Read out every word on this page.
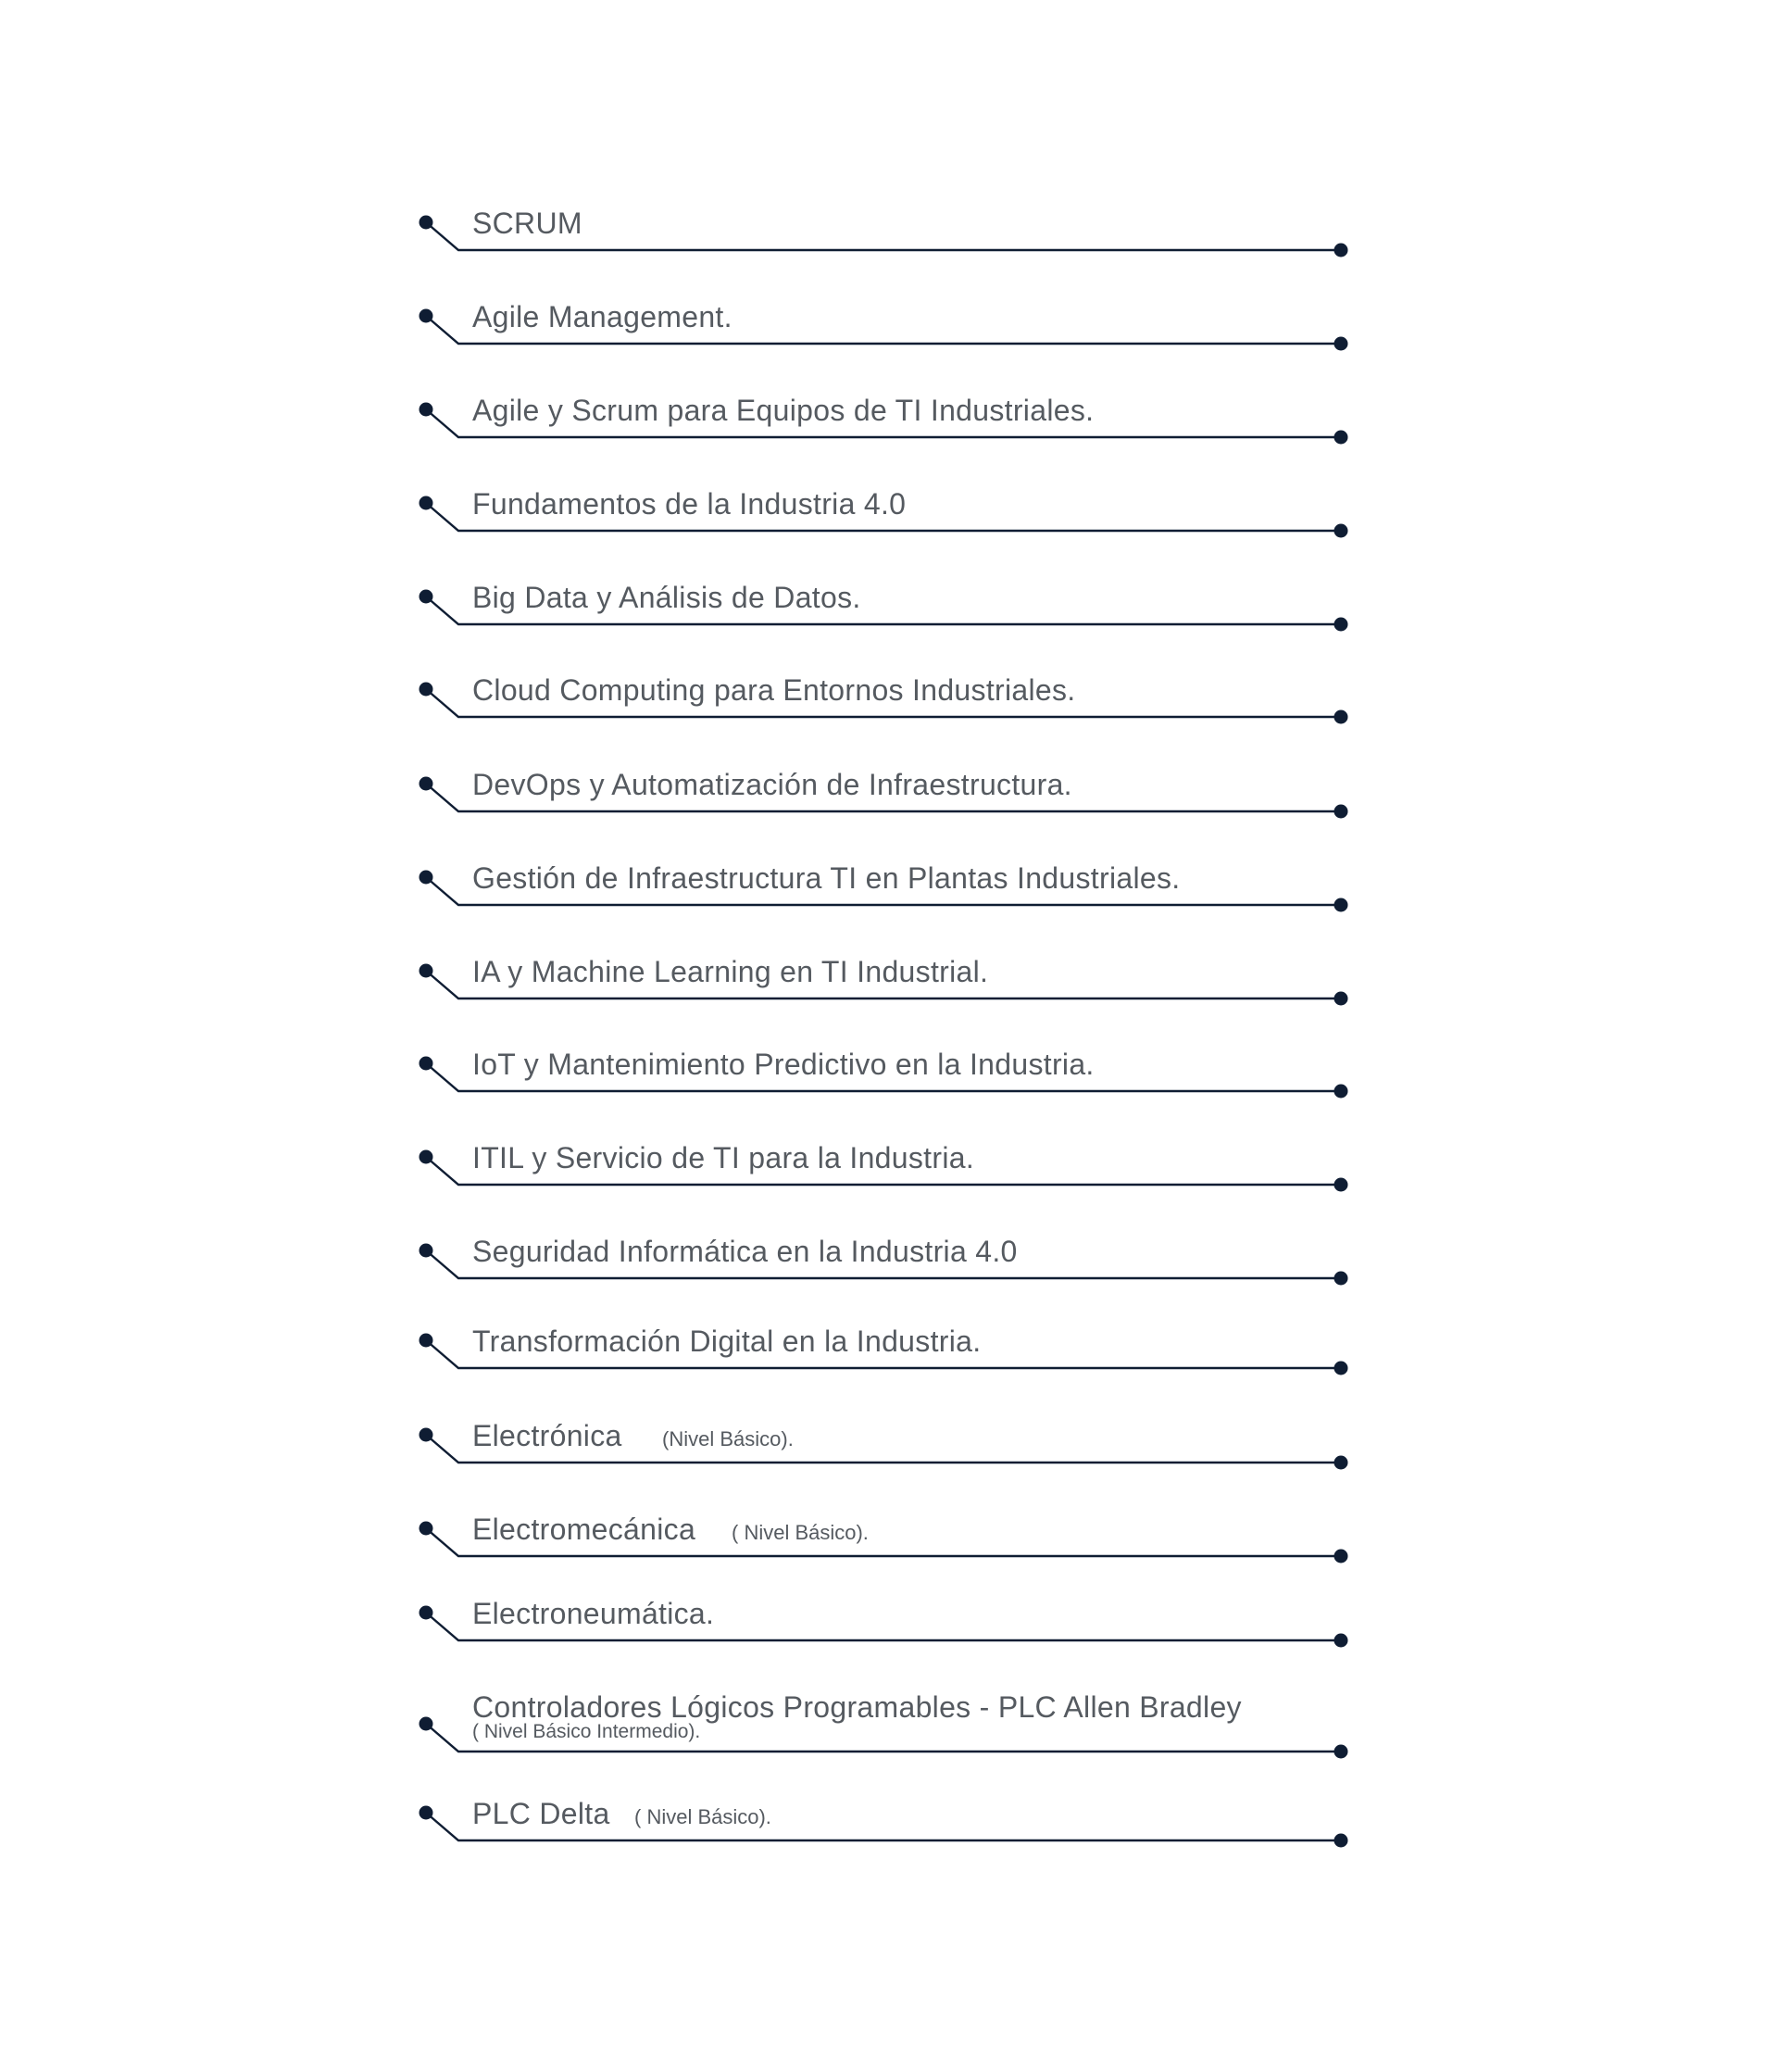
SCRUM
Agile Management.
Agile y Scrum para Equipos de TI Industriales.
Fundamentos de la Industria 4.0
Big Data y Análisis de Datos.
Cloud Computing para Entornos Industriales.
DevOps y Automatización de Infraestructura.
Gestión de Infraestructura TI en Plantas Industriales.
IA y Machine Learning en TI Industrial.
IoT y Mantenimiento Predictivo en la Industria.
ITIL y Servicio de TI para la Industria.
Seguridad Informática en la Industria 4.0
Transformación Digital en la Industria.
Electrónica (Nivel Básico).
Electromecánica ( Nivel Básico).
Electroneumática.
Controladores Lógicos Programables - PLC Allen Bradley
( Nivel Básico Intermedio).
PLC Delta ( Nivel Básico).
